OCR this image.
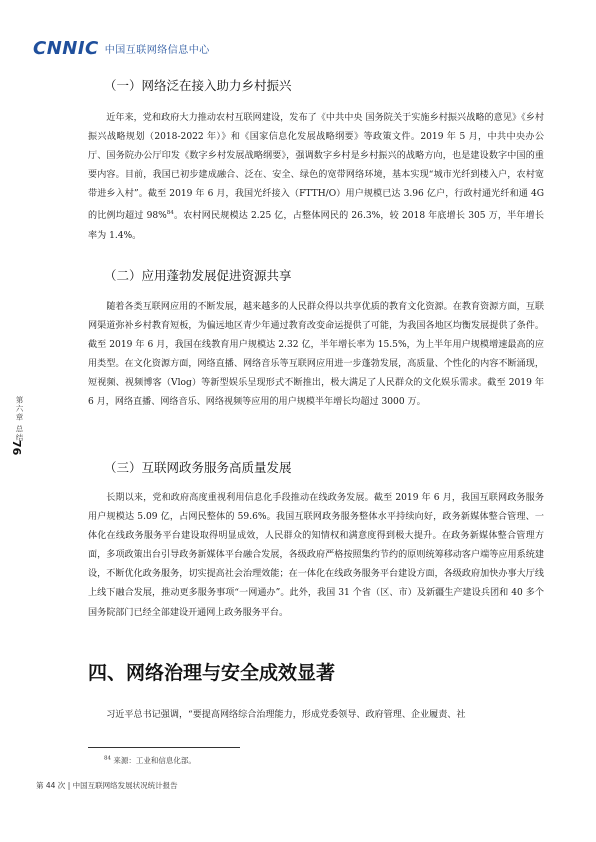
CNNIC 中国互联网络信息中心
第六章 总结
76
（一）网络泛在接入助力乡村振兴

近年来，党和政府大力推动农村互联网建设，发布了《中共中央 国务院关于实施乡村振兴战略的意见》《乡村振兴战略规划（2018-2022 年）》和《国家信息化发展战略纲要》等政策文件。2019 年 5 月，中共中央办公厅、国务院办公厅印发《数字乡村发展战略纲要》，强调数字乡村是乡村振兴的战略方向，也是建设数字中国的重要内容。目前，我国已初步建成融合、泛在、安全、绿色的宽带网络环境，基本实现“城市光纤到楼入户，农村宽带进乡入村”。截至 2019 年 6 月，我国光纤接入（FTTH/O）用户规模已达 3.96 亿户，行政村通光纤和通 4G 的比例均超过 98%$^{84}$。农村网民规模达 2.25 亿，占整体网民的 26.3%，较 2018 年底增长 305 万，半年增长率为 1.4%。

（二）应用蓬勃发展促进资源共享

随着各类互联网应用的不断发展，越来越多的人民群众得以共享优质的教育文化资源。在教育资源方面，互联网渠道弥补乡村教育短板，为偏远地区青少年通过教育改变命运提供了可能，为我国各地区均衡发展提供了条件。截至 2019 年 6 月，我国在线教育用户规模达 2.32 亿，半年增长率为 15.5%，为上半年用户规模增速最高的应用类型。在文化资源方面，网络直播、网络音乐等互联网应用进一步蓬勃发展，高质量、个性化的内容不断涌现，短视频、视频博客（Vlog）等新型娱乐呈现形式不断推出，极大满足了人民群众的文化娱乐需求。截至 2019 年 6 月，网络直播、网络音乐、网络视频等应用的用户规模半年增长均超过 3000 万。

（三）互联网政务服务高质量发展

长期以来，党和政府高度重视利用信息化手段推动在线政务发展。截至 2019 年 6 月，我国互联网政务服务用户规模达 5.09 亿，占网民整体的 59.6%。我国互联网政务服务整体水平持续向好，政务新媒体整合管理、一体化在线政务服务平台建设取得明显成效，人民群众的知情权和满意度得到极大提升。在政务新媒体整合管理方面，多项政策出台引导政务新媒体平台融合发展，各级政府严格按照集约节约的原则统筹移动客户端等应用系统建设，不断优化政务服务，切实提高社会治理效能；在一体化在线政务服务平台建设方面，各级政府加快办事大厅线上线下融合发展，推动更多服务事项“一网通办”。此外，我国 31 个省（区、市）及新疆生产建设兵团和 40 多个国务院部门已经全部建设开通网上政务服务平台。

四、网络治理与安全成效显著

习近平总书记强调，“要提高网络综合治理能力，形成党委领导、政府管理、企业履责、社

$^{84}$ 来源：工业和信息化部。
第 44 次 | 中国互联网络发展状况统计报告
